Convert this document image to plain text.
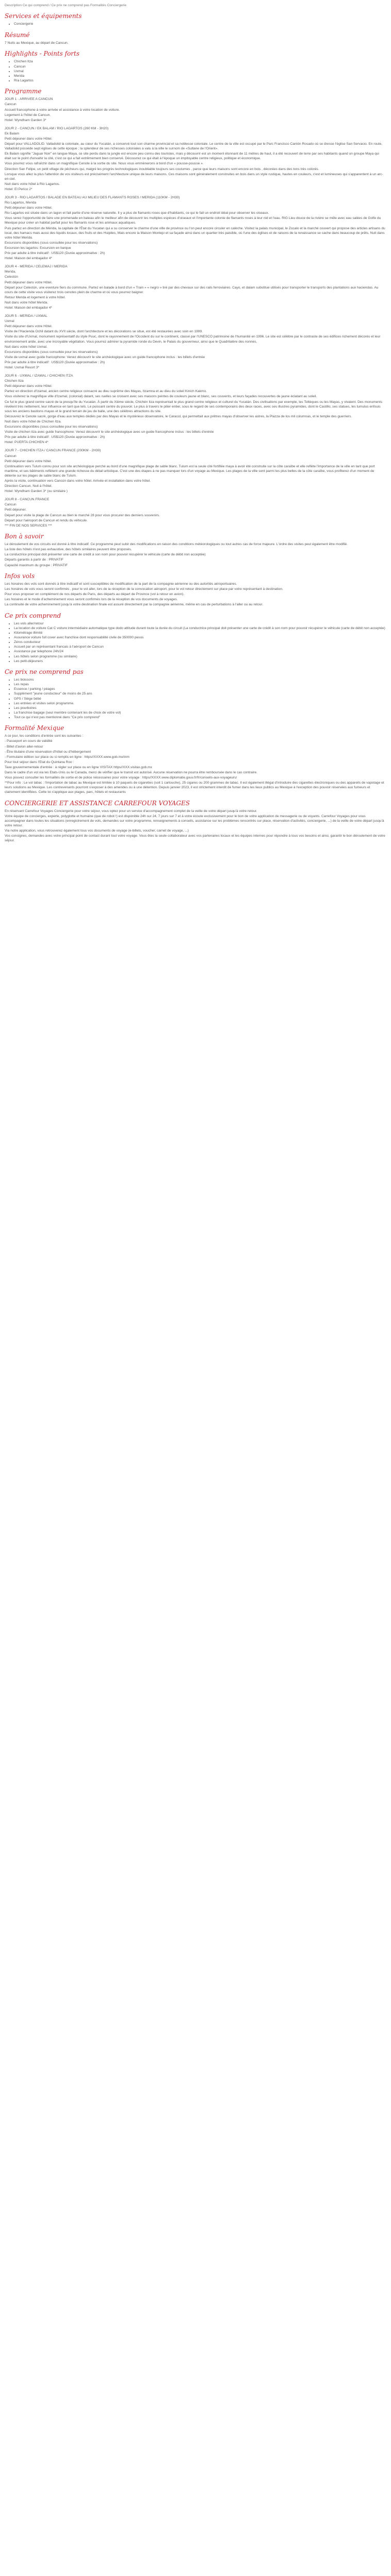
Description Ce qui comprend / Ce prix ne comprend pas Formalités Conciergerie
Services et équipements
• Conciergerie
Résumé

7 Nuits au Mexique, au départ de Cancun.

Highlights - Points forts
• Chichen Itza
• Cancun
• Uxmal
• Merida
• Ría Lagartos
Programme

JOUR 1 - ARRIVEE A CANCUN

Cancun

Accueil francophone à votre arrivée et assistance à votre location de voiture.

Logement à l'hôtel de Cancun.

Hotel: Wyndham Garden 3*

JOUR 2 - CANCUN / EK BALAM / RIO LAGARTOS (260 KM - 3H20)

Ek Balam

Petit déjeuner dans votre Hôtel.

Départ pour VALLADOLID. Valladolid la coloniale, au cœur du Yucatán, a conservé tout son charme provincial et sa noblesse coloniale. Le centre de la ville est occupé par le Parc Francisco Cantón Rosado où se dresse l'église San Servacio. En route, Valladolid possède sept églises de cette époque ; la splendeur de ses richesses coloniales a valu à la ville le surnom de «Sultane de l'Orient».

Ek Balam signifie "Jaguar Noir" en langue Maya, ce site perdu dans la jungle est encore peu connu des touristes, mais y découvrir est un moment étonnant de 11 mètres de haut, il a été recouvert de terre par ses habitants quand un groupe Maya qui était sur le point d'envahir la cité, c'est ce qui a fait extrêmement bien conservé. Découvrez ce qui était à l'époque un impitoyable centre religieux, politique et économique.

Vous pourrez vous rafraîchir dans un magnifique Cenote à la sortie du site. Nous vous emmènerons à bord d'un « pousse-pousse ».

Direction San Felipe, un petit village de pêcheurs qui, malgré les progrès technologiques inoubliable toujours ses coutumes , parce que leurs maisons sont encore en bois , décorées dans des tons très colorés.

Lorsque vous allez la plus l'attention de vos visiteurs est précisément l'architecture unique de leurs maisons. Ces maisons sont généralement construites en bois dans un style rustique, hautes en couleurs, c'est et lumineuses qui s'apparentent à un arc-en-ciel.

Nuit dans votre hôtel à Rio Lagartos.

Hotel: El Perico 2*

JOUR 3 - RIO LAGARTOS / BALADE EN BATEAU AU MILIEU DES FLAMANTS ROSES / MERIDA (110KM - 2H30)

Rio Lagartos, Merida

Petit déjeuner dans votre Hôtel.

Rio Lagartos est située dans un lagon et fait partie d'une réserve naturelle. Il y a plus de flamants roses que d'habitants, ce qui le fait un endroit idéal pour observer les oiseaux.

Vous serez l'opportunité de faire une promenade en bateau afin le meilleur afin de découvrir les multiples espèces d'oiseaux et l'importante colonie de flamants roses à leur nid et l'eau. RIG Lieu douce de la rivière se mêle avec eau salées de Golfe du Mexique pour créer un habitat parfait pour les flamants rose et les animaux aquatiques.

Puis partez en direction de Mérida, la capitale de l'État du Yucatan qui a su conserver le charme d'une ville de province ou l'on peut encore circuler en calèche. Visitez la palais municipal, le Zocalo et la marché couvert qui propose des articles artisans du local, des hamacs mais aussi des liquids locaux, des fruits et des Huipiles, Mais encore la Maison Montejo et sa façade ainsi dans un quartier très paisible, où l'une des églises et de raisons de la renaissance se cache dans beaucoup de prêts. Nuit dans votre hôtel Merida.

Excursions disponibles (sous consultée pour les réservations)

Excursion les lagartos: Excursion en barque

Prix par adulte à titre indicatif : US$120 (Durée approximative : 2h)

Hotel: Maison del embajador 4*

JOUR 4 - MERIDA / CELEMAJ / MERIDA

Merida,

Celestún

Petit déjeuner dans votre Hôtel.

Départ pour Celestún, une eventure fiers du commune. Partez en balade à bord d'un « Train » « negro » tiré par des chevaux sur des rails ferroviaires. Cayo, et dalam substitue utilisés pour transporter le transports des plantations aux haciendas. Au cours de cette visite vous visiterez trois cenotes plein de charme et où vous pourrez baigner.

Retour Merida et logement à votre hôtel.

Nuit dans votre hôtel Merida.

Hotel: Maison del embajador 4*

JOUR 5 - MERIDA / UXMAL

Uxmal

Petit déjeuner dans votre Hôtel.

Visite de l'Hacienda Ochil datant du XVII siècle, dont l'architecture et les décorations se situe, est été restaurées avec soin en 1999.

Visite du site d'Uxmal, monument représentatif du style Puuc, dont le rayonnement de l'Occident du sur le continent, classé par l'UNESCO patrimoine de l'humanité en 1996. Le site est célèbre par le contraste de ses édifices richement décorés et leur environnement aride, avec une incroyable végétation. Vous pourrez admirer la pyramide ronde du Devin, le Palais du gouverneur, ainsi que le Quadrilatère des nonnes.

Nuit dans votre hôtel Uxmal.

Excursions disponibles (sous consultée pour les réservations)

Visite de uxmal avec guide francophone: Venez découvrir le site archéologique avec un guide francophone inclus : les billets d'entrée

Prix par adulte à titre indicatif : US$120 (Durée approximative : 2h)

Hotel: Uxmal Resort 3*

JOUR 6 - UXMAL / IZAMAL / CHICHEN ITZA

Chichen Itza

Petit déjeuner dans votre Hôtel.

Partez en direction d'Izamal, ancien centre religieux consacré au dieu suprême des Mayas, Itzamna et au dieu du soleil Kinich Kakmo.

Vous visiterez la magnifique ville d'Izamal, (colonial) datant, ses ruelles se croisent avec ses maisons peintes de couleurs jaune et blanc, ses couvents, et leurs façades recouvertes de jaune éclatant au soleil.

Ce fut le plus grand centre sacré de la presqu'île du Yucatán. À partir du Xième siècle, Chichén Itza représentait le plus grand centre religieux et culturel du Yucatán. Des civilisations par exemple, les Toltèques ou les Mayas, y vivaient. Des monuments révèlent très nettement, leur influence en tant que tels. Le puissant centre du pouvoir. Le plus à travers le pilier entier, sous le regard de ses contemporains des deux races, avec ses illustres pyramides, dont le Castillo, ses statues, les tumulus enfouis sous les anciens bastions mayas et le grand terrain de jeu de balle, une des célèbres attractions du site.

Découvrez le Cenote sacré, gorge d'eau aux temples dédiés par des Mayas et le mystérieux observatoire, le Caracol, qui permettait aux prêtres mayas d'observer les astres, la Plazza de los mil columnas, et le temple des guerriers.

Nuit dans votre hôtel de Chichen Itza.

Excursions disponibles (sous consultée pour les réservations)

Visite de chichen itza avec guide francophone: Venez découvrir le site archéologique avec un guide francophone inclus : les billets d'entrée

Prix par adulte à titre indicatif : US$120 (Durée approximative : 2h)

Hotel: PUERTA CHICHEN 4*

JOUR 7 - CHICHEN ITZA / CANCUN FRANCE (200KM - 2H30)

Cancun

Petit déjeuner dans votre hôtel.

Continuation vers Tulum connu pour son site archéologique perché au bord d'une magnifique plage de sable blanc. Tulum est la seule cité fortifiée maya à avoir été construite sur la côte caraïbe et elle reflète l'importance de la ville en tant que port maritime, et ses bâtiments reflètent une grande richesse du détail artistique. C'est une des étapes à ne pas manquer lors d'un voyage au Mexique. Les plages de la ville sont parmi les plus belles de la côte caraïbe, vous profiterez d'un moment de détente sur les plages de sable blanc de Tulum.

Après la visite, continuation vers Cancún dans votre hôtel. Arrivée et installation dans votre hôtel.

Direction Cancun. Nuit à l'hôtel.

Hotel: Wyndham Garden 3* (ou similaire )

JOUR 8 - CANCUN FRANCE

Cancun

Petit déjeuner.

Départ pour visite la plage de Cancun au bien le marché 28 pour vous procurer des derniers souvenirs.

Départ pour l'aéroport de Cancun et rendu du véhicule.

*** FIN DE NOS SERVICES ***

Bon à savoir

Le déroulement de vos circuits est donné à titre indicatif. Ce programme peut subir des modifications en raison des conditions météorologiques ou tout autres cas de force majeure. L'ordre des visites peut également être modifié.

La liste des hôtels n'est pas exhaustive, des hôtels similaires peuvent être proposés.

La conductrice principal doit présenter une carte de crédit à son nom pour pouvoir récupérer le véhicule (carte de débit non acceptée)

Départs garantis à partir de : PRIVATIF

Capacité maximum du groupe : PRIVATIF

Infos vols

Les horaires des vols sont donnés à titre indicatif et sont susceptibles de modification de la part de la compagnie aérienne ou des autorités aéroportuaires.

Les horaires de vols vous seront confirmés , pour le vol aller, lors de la réception de la convocation aéroport, pour le vol retour directement sur place par votre représentant à destination.

Pour vous proposer en complément de nos départs de Paris, des départs au départ de Province (vol à retour en avion).

Les horaires et le mode d'acheminement vous seront confirmés lors de la réception de vos documents de voyages.

La continuité de votre acheminement jusqu'à votre destination finale est assuré directement par la compagnie aérienne, même en cas de perturbations à l'aller ou au retour.

Ce prix comprend
• Les vols aller/retour
• La location de voiture Cat C voiture intermédiaire automatique type dodo attitude durant toute la durée du circuit (La conductrice principal doit présenter une carte de crédit à son nom pour pouvoir récupérer le véhicule (carte de débit non acceptée)
• Kilométrage illimité
• Assurance voiture full cover avec franchise dont responsabilité civile de 350000 pesos
• Zéros conducteur
• Accueil par un représentant francais à l'aéroport de Cancun
• Assistance par telephone 24h/24
• Les hôtels selon programme (ou similaire)
• Les petit-déjeuners
Ce prix ne comprend pas
• Les boissons
• Les repas
• Essence / parking / péages
• Supplément "jeune conducteur" de moins de 25 ans
• GPS / Siège bébé
• Les entrées et visites selon programme.
• Les pourboires
• La franchise bagage (seul membre contenant les de choix de votre vol)
• Tout ce qui n'est pas mentionné dans "Ce prix comprend"
Formalité Mexique

A ce jour, les conditions d'entrée sont les suivantes :

- Passeport en cours de validité

- Billet d'avion aller-retour

- Être titulaire d'une réservation d'hôtel ou d'hébergement

- Formulaire édition sur place ou si remplis en ligne : https//XXXX.www.gob.mx/inm

Pour tout séjour dans l'Etat du Quintana Roo :

Taxe gouvernementale d'entrée : à régler sur place ou en ligne VISITAX https//XXX.visitax.gob.mx

Dans le cadre d'un vol via les Etats-Unis ou le Canada, merci de vérifier que le transit est autorisé. Aucune réservation ne pourra être remboursée dans le cas contraire.

Vous pouvez consulter les formalités de sortie et de police nécessaires pour votre voyage : https//XXXX.www.diplomatie.gouv.fr/fr/conseils-aux-voyageurs/

**Pour info : Le vol tabac : l'importation de tabac au Mexique est limitée à 10 paquets de cigarettes (soit 1 cartouche), 25 cigares ou 200 grammes de tabac. Il est également illégal d'introduire des cigarettes électroniques ou des appareils de vapotage et leurs solutions au Mexique. Les contrevenants pourront s'exposer à des amendes ou à une détention. Depuis janvier 2023, il est strictement interdit de fumer dans les lieux publics au Mexique à l'exception des pouvoir réservées aux fumeurs et clairement identifiées. Cette loi s'applique aux plages, parc, hôtels et restaurants

CONCIERGERIE ET ASSISTANCE CARREFOUR VOYAGES

En réservant Carrefour Voyages Conciergerie pour votre séjour, vous optez pour un service d'accompagnement complet de la veille de votre départ jusqu'à votre retour.

Votre équipe de concierges, experte, polyglotte et humaine (que de robot !) est disponible 24h sur 24, 7 jours sur 7 et à votre écoute exclusivement pour le bon de votre application de messagerie ou de voyants. Carrefour Voyages pour vous accompagner dans toutes les situations (enregistrement de vols, demandes sur votre programme, renseignements à conseils, assistance sur les problèmes rencontrés sur place, réservation d'activités, conciergerie, ...) de la veille de votre départ jusqu'à votre retour.

Via notre application, vous retrouverez également tous vos documents de voyage (e-billets, voucher, carnet de voyage, ...)

Vos consignes, demandes avec votre principal point de contact durant tout votre voyage. Vous êtes la seule collaborateur avec vos partenaires locaux et les équipes internes pour répondre à tous vos besoins et ainsi, garantir le bon déroulement de votre séjour.
